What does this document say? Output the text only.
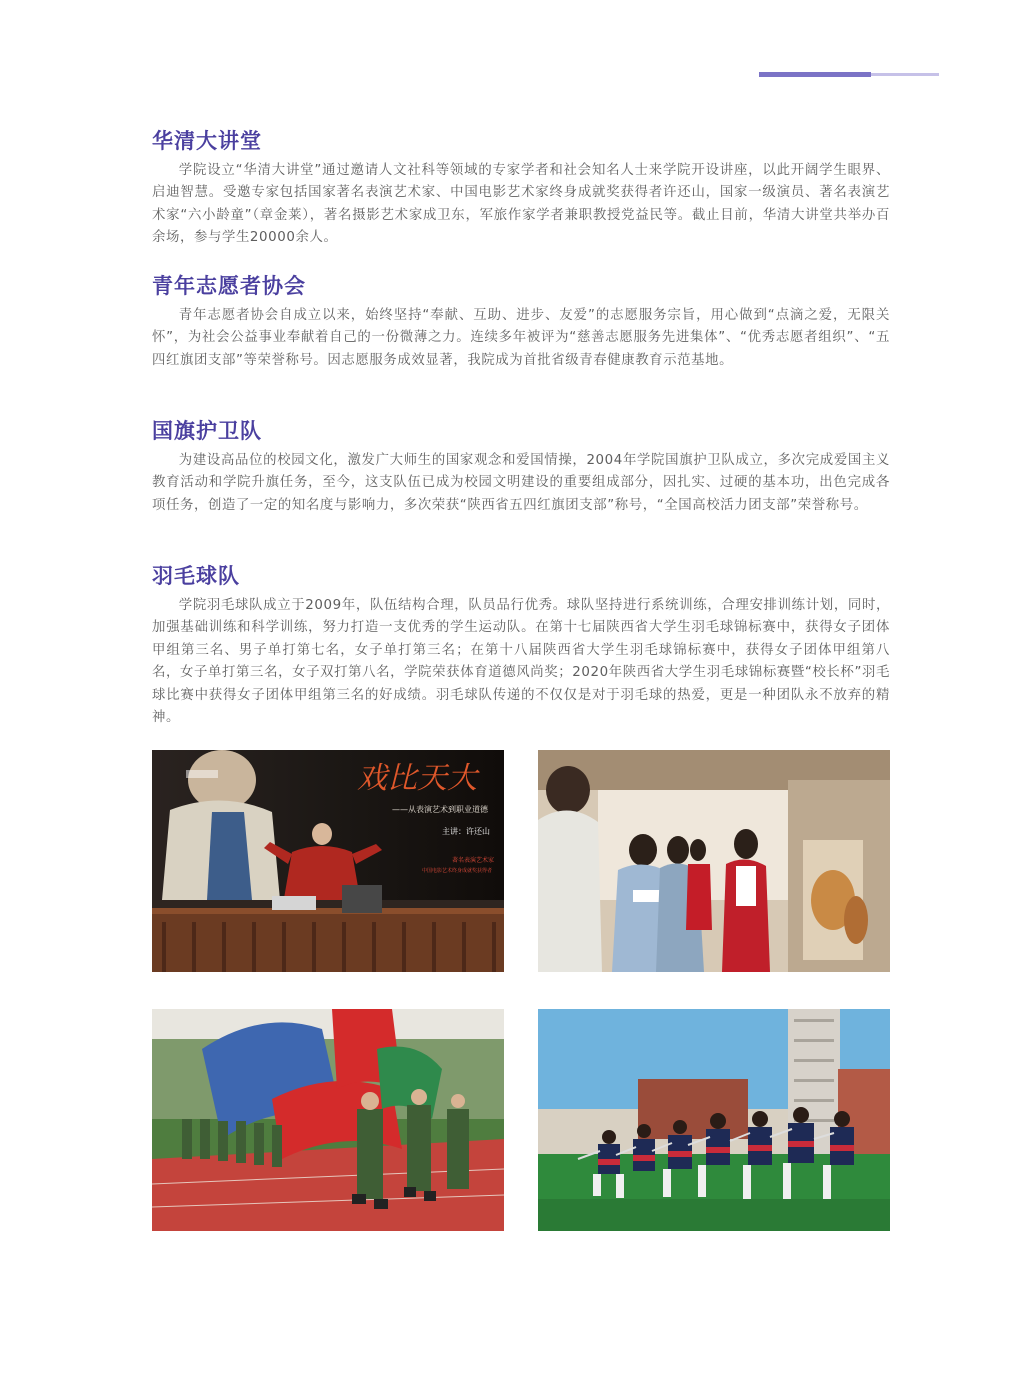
华清大讲堂

学院设立“华清大讲堂”通过邀请人文社科等领域的专家学者和社会知名人士来学院开设讲座，以此开阔学生眼界、启迪智慧。受邀专家包括国家著名表演艺术家、中国电影艺术家终身成就奖获得者许还山，国家一级演员、著名表演艺术家“六小龄童”（章金莱），著名摄影艺术家成卫东，军旅作家学者兼职教授党益民等。截止目前，华清大讲堂共举办百余场，参与学生20000余人。

青年志愿者协会

青年志愿者协会自成立以来，始终坚持“奉献、互助、进步、友爱”的志愿服务宗旨，用心做到“点滴之爱，无限关怀”，为社会公益事业奉献着自己的一份微薄之力。连续多年被评为“慈善志愿服务先进集体”、“优秀志愿者组织”、“五四红旗团支部”等荣誉称号。因志愿服务成效显著，我院成为首批省级青春健康教育示范基地。

国旗护卫队

为建设高品位的校园文化，激发广大师生的国家观念和爱国情操，2004年学院国旗护卫队成立，多次完成爱国主义教育活动和学院升旗任务，至今，这支队伍已成为校园文明建设的重要组成部分，因扎实、过硬的基本功，出色完成各项任务，创造了一定的知名度与影响力，多次荣获“陕西省五四红旗团支部”称号，“全国高校活力团支部”荣誉称号。

羽毛球队

学院羽毛球队成立于2009年，队伍结构合理，队员品行优秀。球队坚持进行系统训练，合理安排训练计划，同时，加强基础训练和科学训练，努力打造一支优秀的学生运动队。在第十七届陕西省大学生羽毛球锦标赛中，获得女子团体甲组第三名、男子单打第七名，女子单打第三名；在第十八届陕西省大学生羽毛球锦标赛中，获得女子团体甲组第八名，女子单打第三名，女子双打第八名，学院荣获体育道德风尚奖；2020年陕西省大学生羽毛球锦标赛暨“校长杯”羽毛球比赛中获得女子团体甲组第三名的好成绩。羽毛球队传递的不仅仅是对于羽毛球的热爱，更是一种团队永不放弃的精神。

戏比天大
——从表演艺术到职业道德
主讲：许还山
著名表演艺术家
中国电影艺术终身成就奖获得者
